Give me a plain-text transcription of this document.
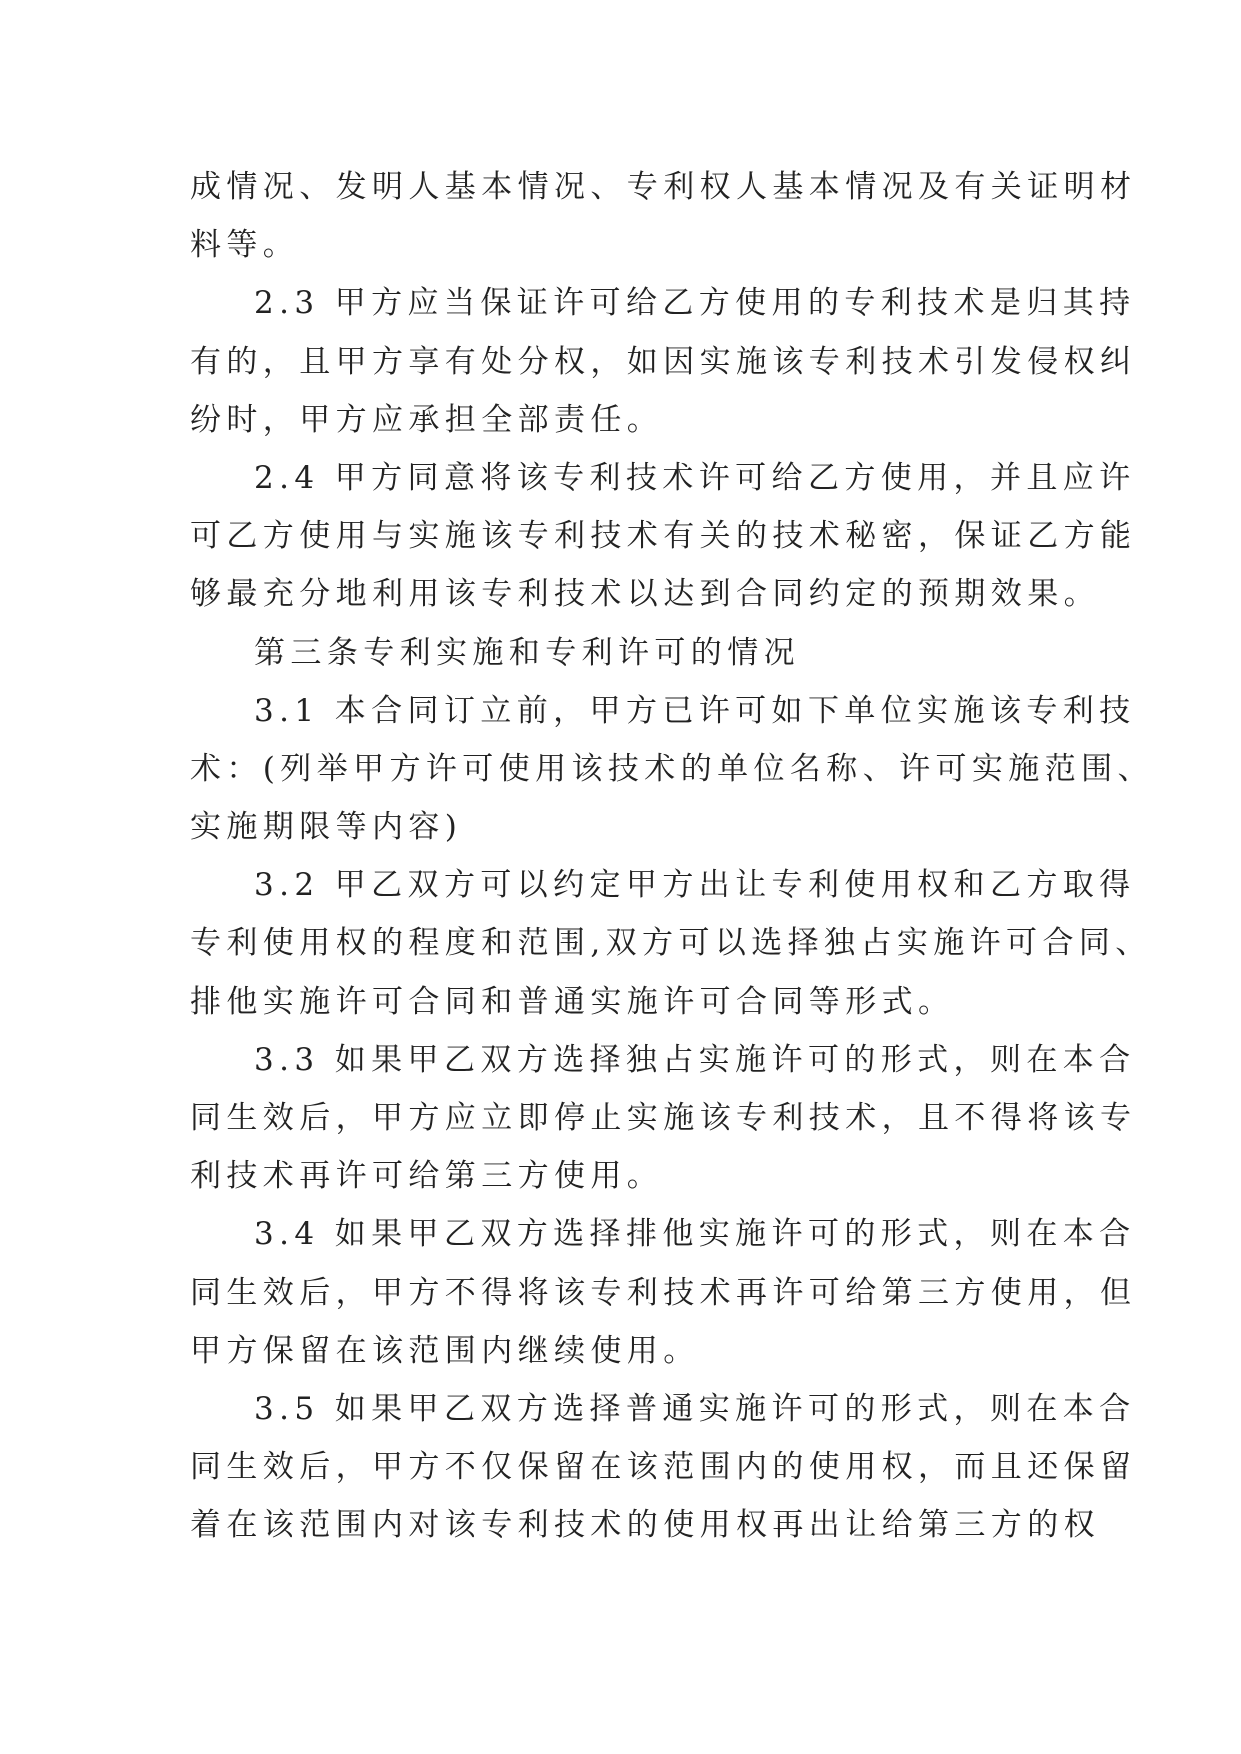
成情况、发明人基本情况、专利权人基本情况及有关证明材
料等。
2.3 甲方应当保证许可给乙方使用的专利技术是归其持
有的，且甲方享有处分权，如因实施该专利技术引发侵权纠
纷时，甲方应承担全部责任。
2.4 甲方同意将该专利技术许可给乙方使用，并且应许
可乙方使用与实施该专利技术有关的技术秘密，保证乙方能
够最充分地利用该专利技术以达到合同约定的预期效果。
第三条专利实施和专利许可的情况
3.1 本合同订立前，甲方已许可如下单位实施该专利技
术：(列举甲方许可使用该技术的单位名称、许可实施范围、
实施期限等内容)
3.2 甲乙双方可以约定甲方出让专利使用权和乙方取得
专利使用权的程度和范围,双方可以选择独占实施许可合同、
排他实施许可合同和普通实施许可合同等形式。
3.3 如果甲乙双方选择独占实施许可的形式，则在本合
同生效后，甲方应立即停止实施该专利技术，且不得将该专
利技术再许可给第三方使用。
3.4 如果甲乙双方选择排他实施许可的形式，则在本合
同生效后，甲方不得将该专利技术再许可给第三方使用，但
甲方保留在该范围内继续使用。
3.5 如果甲乙双方选择普通实施许可的形式，则在本合
同生效后，甲方不仅保留在该范围内的使用权，而且还保留
着在该范围内对该专利技术的使用权再出让给第三方的权
